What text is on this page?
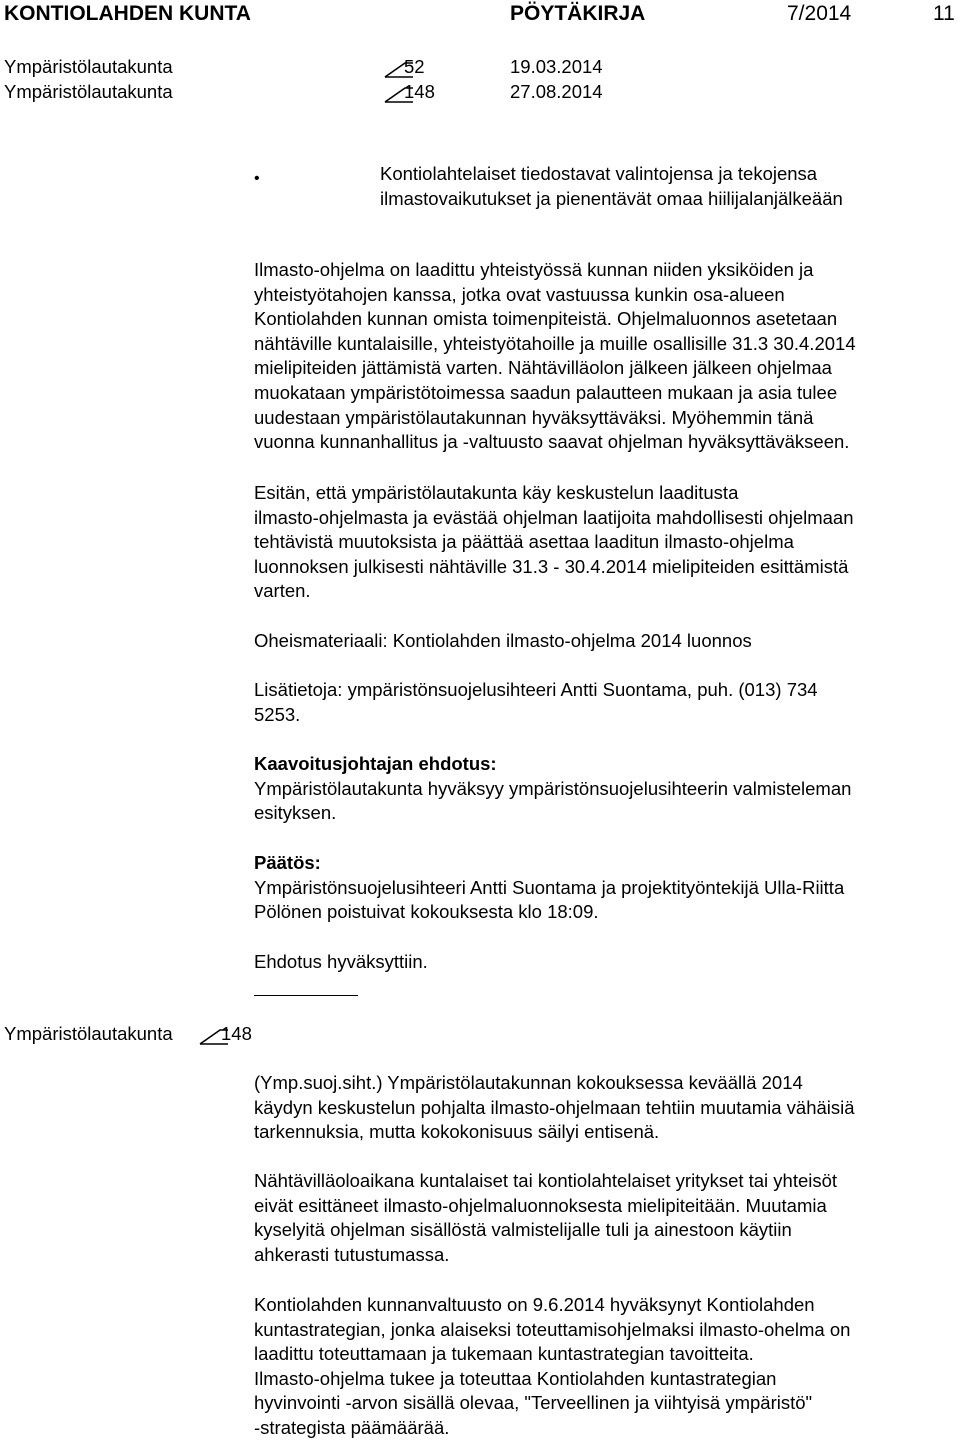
KONTIOLAHDEN KUNTA	PÖYTÄKIRJA	7/2014	11
Ympäristölautakunta	52	19.03.2014
Ympäristölautakunta	148	27.08.2014
•	Kontiolahtelaiset tiedostavat valintojensa ja tekojensa
ilmastovaikutukset ja pienentävät omaa hiilijalanjälkeään
Ilmasto-ohjelma on laadittu yhteistyössä kunnan niiden yksiköiden ja
yhteistyötahojen kanssa, jotka ovat vastuussa kunkin osa-alueen
Kontiolahden kunnan omista toimenpiteistä. Ohjelmaluonnos asetetaan
nähtäville kuntalaisille, yhteistyötahoille ja muille osallisille 31.3 30.4.2014
mielipiteiden jättämistä varten. Nähtävilläolon jälkeen jälkeen ohjelmaa
muokataan ympäristötoimessa saadun palautteen mukaan ja asia tulee
uudestaan ympäristölautakunnan hyväksyttäväksi. Myöhemmin tänä
vuonna kunnanhallitus ja -valtuusto saavat ohjelman hyväksyttäväkseen.
Esitän, että ympäristölautakunta käy keskustelun laaditusta
ilmasto-ohjelmasta ja evästää ohjelman laatijoita mahdollisesti ohjelmaan
tehtävistä muutoksista ja päättää asettaa laaditun ilmasto-ohjelma
luonnoksen julkisesti nähtäville 31.3 - 30.4.2014 mielipiteiden esittämistä
varten.
Oheismateriaali: Kontiolahden ilmasto-ohjelma 2014 luonnos
Lisätietoja: ympäristönsuojelusihteeri Antti Suontama, puh. (013) 734
5253.
Kaavoitusjohtajan ehdotus:
Ympäristölautakunta hyväksyy ympäristönsuojelusihteerin valmisteleman
esityksen.
Päätös:
Ympäristönsuojelusihteeri Antti Suontama ja projektityöntekijä Ulla-Riitta
Pölönen poistuivat kokouksesta klo 18:09.
Ehdotus hyväksyttiin.
Ympäristölautakunta	148
(Ymp.suoj.siht.) Ympäristölautakunnan kokouksessa keväällä 2014
käydyn keskustelun pohjalta ilmasto-ohjelmaan tehtiin muutamia vähäisiä
tarkennuksia, mutta kokokonisuus säilyi entisenä.
Nähtävilläoloaikana kuntalaiset tai kontiolahtelaiset yritykset tai yhteisöt
eivät esittäneet ilmasto-ohjelmaluonnoksesta mielipiteitään. Muutamia
kyselyitä ohjelman sisällöstä valmistelijalle tuli ja ainestoon käytiin
ahkerasti tutustumassa.
Kontiolahden kunnanvaltuusto on 9.6.2014 hyväksynyt Kontiolahden
kuntastrategian, jonka alaiseksi toteuttamisohjelmaksi ilmasto-ohelma on
laadittu toteuttamaan ja tukemaan kuntastrategian tavoitteita.
Ilmasto-ohjelma tukee ja toteuttaa Kontiolahden kuntastrategian
hyvinvointi -arvon sisällä olevaa, "Terveellinen ja viihtyisä ympäristö"
-strategista päämäärää.
